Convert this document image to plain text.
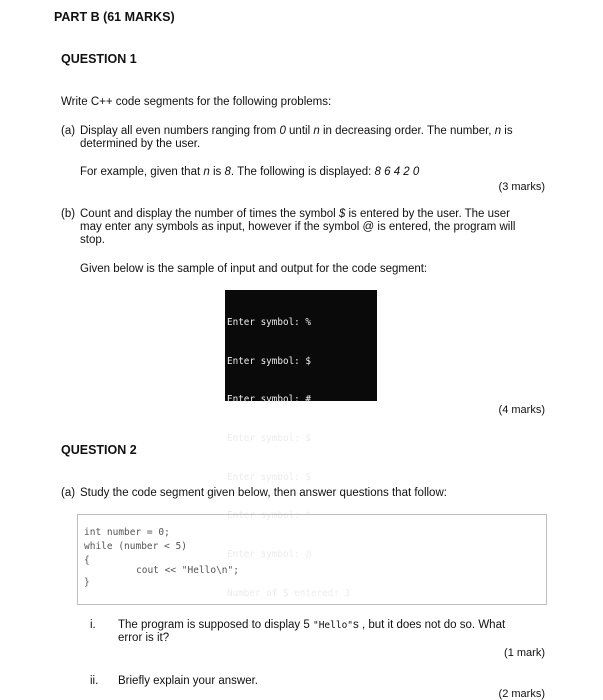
PART B (61 MARKS)
QUESTION 1
Write C++ code segments for the following problems:
(a) Display all even numbers ranging from 0 until n in decreasing order. The number, n is
determined by the user.
For example, given that n is 8. The following is displayed: 8 6 4 2 0
(3 marks)
(b) Count and display the number of times the symbol $ is entered by the user. The user
may enter any symbols as input, however if the symbol @ is entered, the program will
stop.
Given below is the sample of input and output for the code segment:

Enter symbol: %

Enter symbol: $

Enter symbol: #

Enter symbol: $

Enter symbol: $

Enter symbol: *

Enter symbol: @

Number of $ entered: 3

(4 marks)
QUESTION 2
(a) Study the code segment given below, then answer questions that follow:
int number = 0;
while (number < 5)
{
cout << "Hello\n";
}
i. The program is supposed to display 5 "Hello"s , but it does not do so. What
error is it?
(1 mark)
ii. Briefly explain your answer.
(2 marks)
